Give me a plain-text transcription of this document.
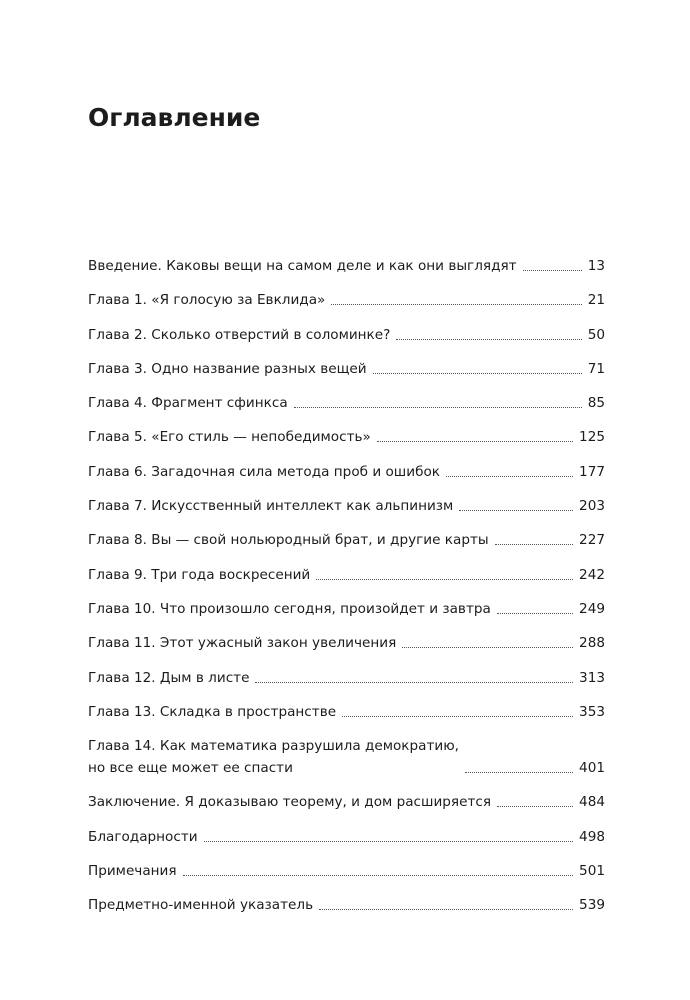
Оглавление
Введение. Каковы вещи на самом деле и как они выглядят	13
Глава 1. «Я голосую за Евклида»	21
Глава 2. Сколько отверстий в соломинке?	50
Глава 3. Одно название разных вещей	71
Глава 4. Фрагмент сфинкса	85
Глава 5. «Его стиль — непобедимость»	125
Глава 6. Загадочная сила метода проб и ошибок	177
Глава 7. Искусственный интеллект как альпинизм	203
Глава 8. Вы — свой нольюродный брат, и другие карты	227
Глава 9. Три года воскресений	242
Глава 10. Что произошло сегодня, произойдет и завтра	249
Глава 11. Этот ужасный закон увеличения	288
Глава 12. Дым в листе	313
Глава 13. Складка в пространстве	353
Глава 14. Как математика разрушила демократию,
но все еще может ее спасти	401
Заключение. Я доказываю теорему, и дом расширяется	484
Благодарности	498
Примечания	501
Предметно-именной указатель	539
